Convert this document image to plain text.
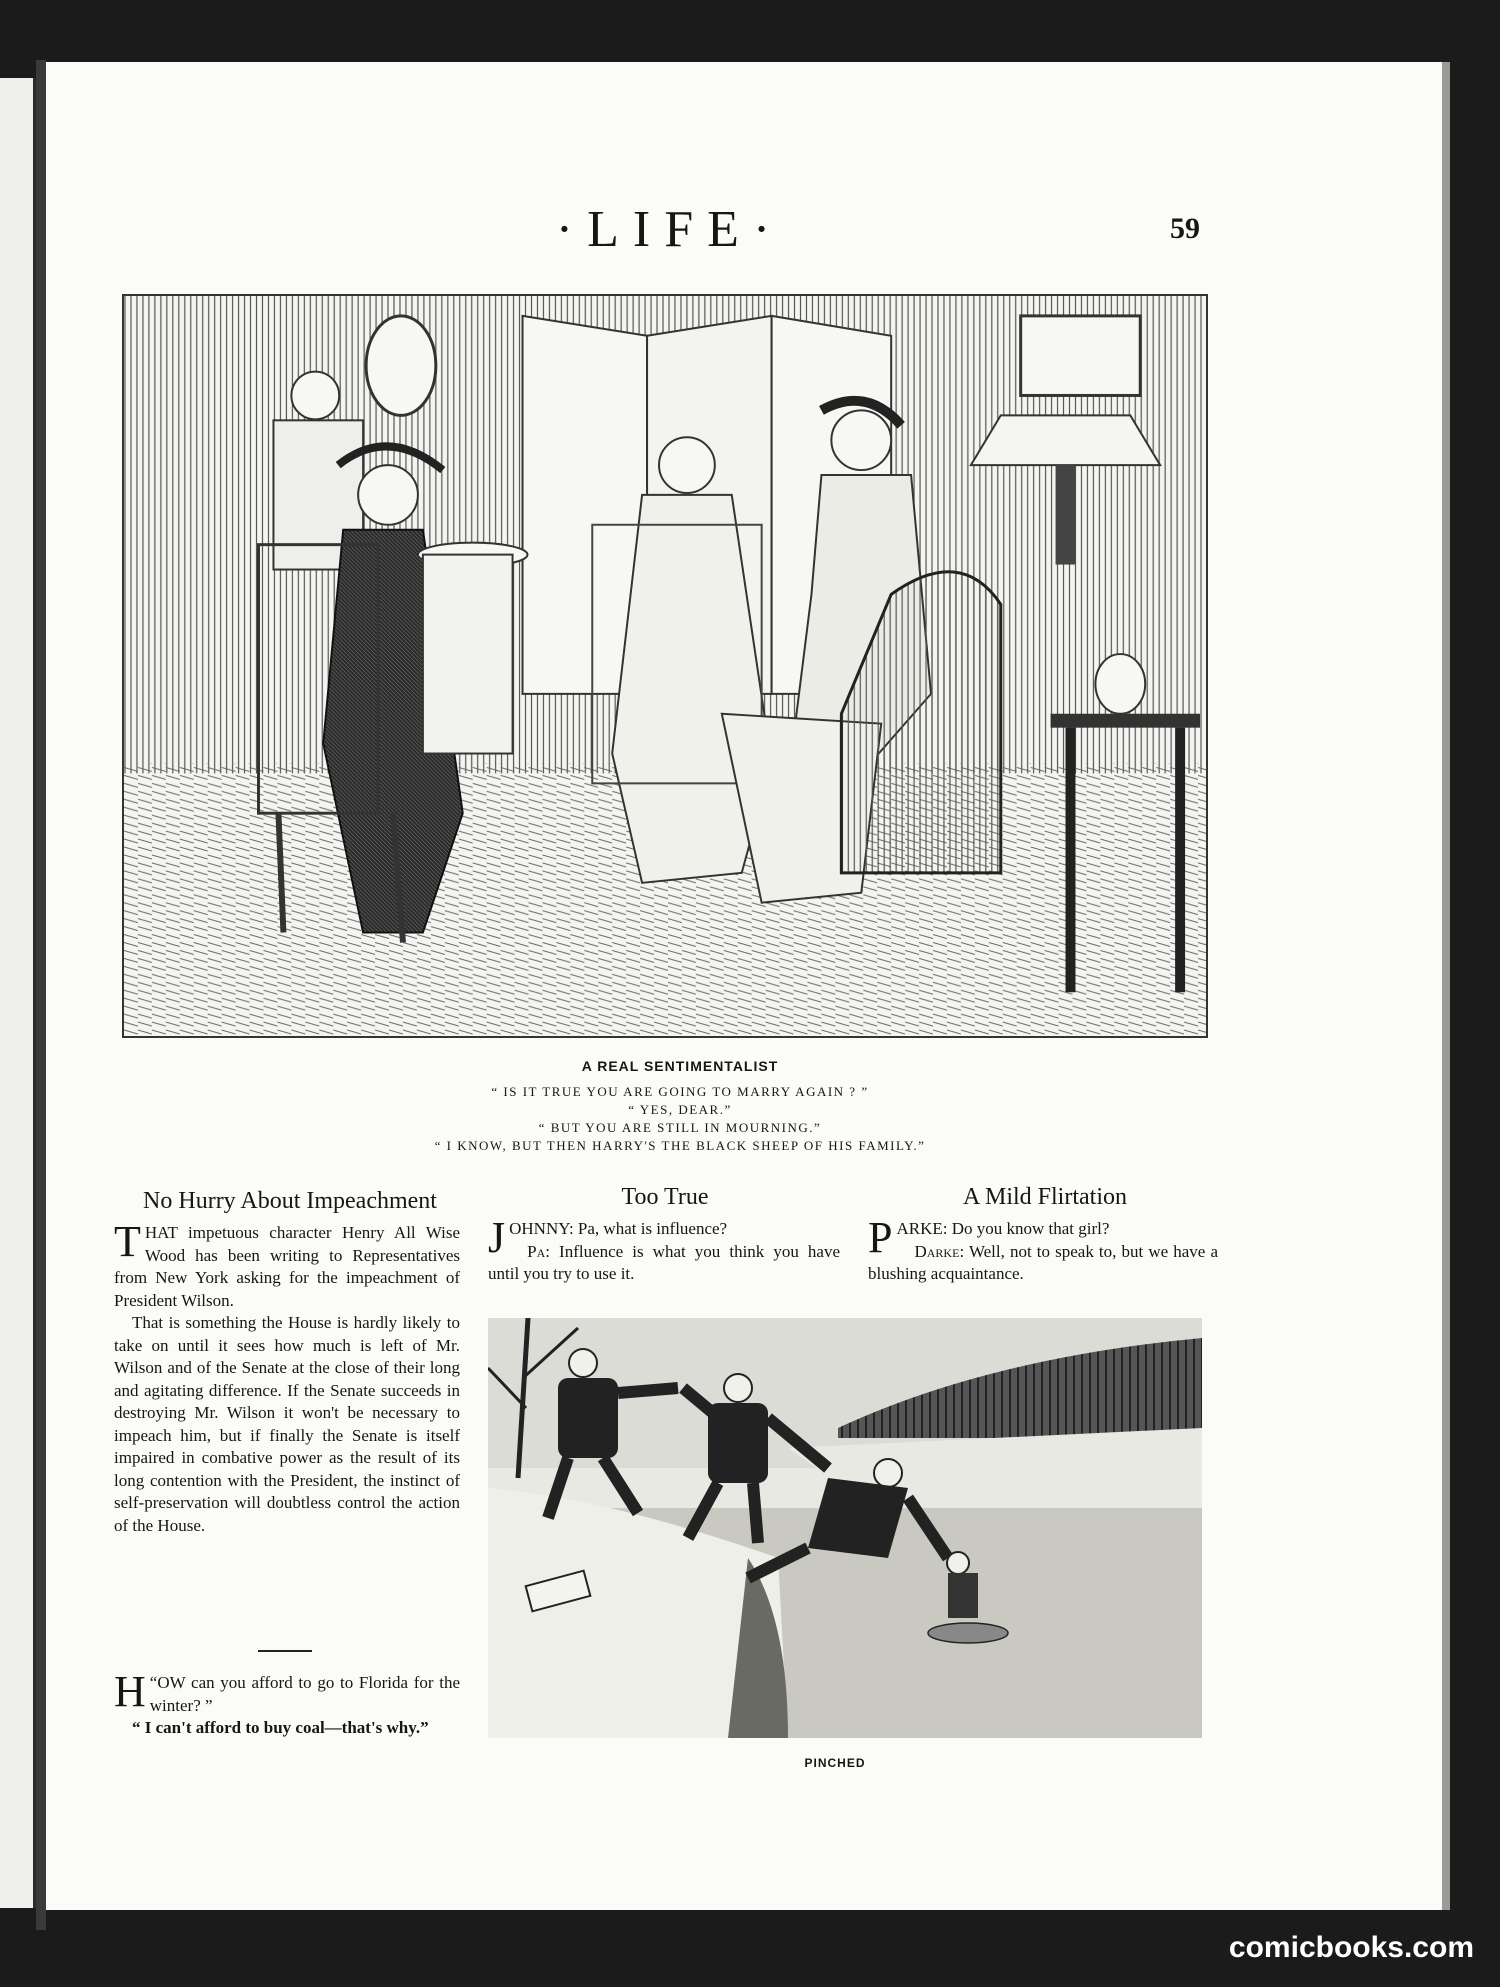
·LIFE·	59
A REAL SENTIMENTALIST
“ IS IT TRUE YOU ARE GOING TO MARRY AGAIN ? ”
“ YES, DEAR.”
“ BUT YOU ARE STILL IN MOURNING.”
“ I KNOW, BUT THEN HARRY'S THE BLACK SHEEP OF HIS FAMILY.”
No Hurry About Impeachment

THAT impetuous character Henry All Wise Wood has been writing to Representatives from New York asking for the impeachment of President Wilson.

That is something the House is hardly likely to take on until it sees how much is left of Mr. Wilson and of the Senate at the close of their long and agitating difference. If the Senate succeeds in destroying Mr. Wilson it won't be necessary to impeach him, but if finally the Senate is itself impaired in combative power as the result of its long contention with the President, the instinct of self-preservation will doubtless control the action of the House.

“
H OW can you afford to go to Florida for the winter? ”

“ I can't afford to buy coal—that's why.”

Too True

JOHNNY: Pa, what is influence?

Pa: Influence is what you think you have until you try to use it.

A Mild Flirtation

PARKE: Do you know that girl?

Darke: Well, not to speak to, but we have a blushing acquaintance.

PINCHED
comicbooks.com
